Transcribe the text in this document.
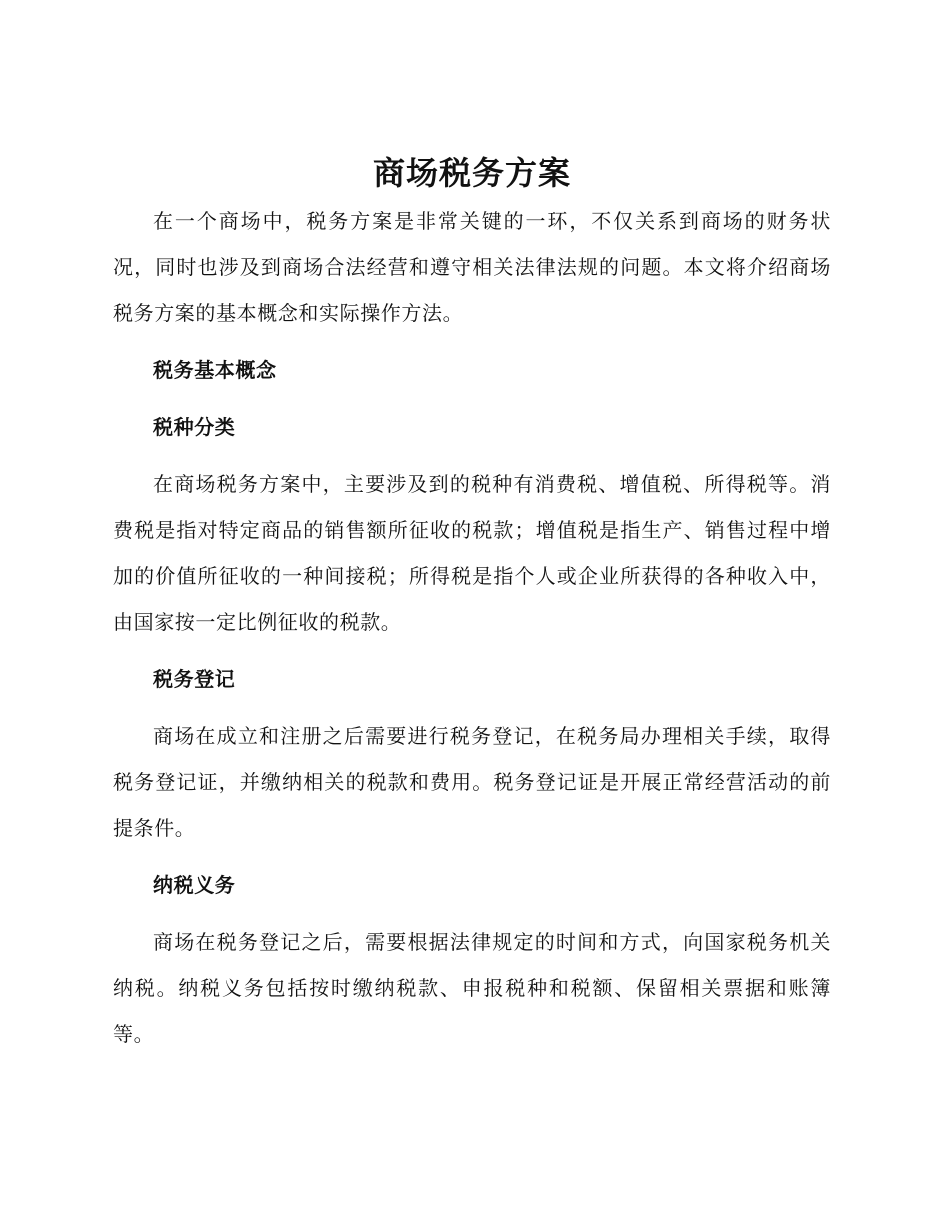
商场税务方案

在一个商场中，税务方案是非常关键的一环，不仅关系到商场的财务状况，同时也涉及到商场合法经营和遵守相关法律法规的问题。本文将介绍商场税务方案的基本概念和实际操作方法。

税务基本概念

税种分类

在商场税务方案中，主要涉及到的税种有消费税、增值税、所得税等。消费税是指对特定商品的销售额所征收的税款；增值税是指生产、销售过程中增加的价值所征收的一种间接税；所得税是指个人或企业所获得的各种收入中，由国家按一定比例征收的税款。

税务登记

商场在成立和注册之后需要进行税务登记，在税务局办理相关手续，取得税务登记证，并缴纳相关的税款和费用。税务登记证是开展正常经营活动的前提条件。

纳税义务

商场在税务登记之后，需要根据法律规定的时间和方式，向国家税务机关纳税。纳税义务包括按时缴纳税款、申报税种和税额、保留相关票据和账簿等。
